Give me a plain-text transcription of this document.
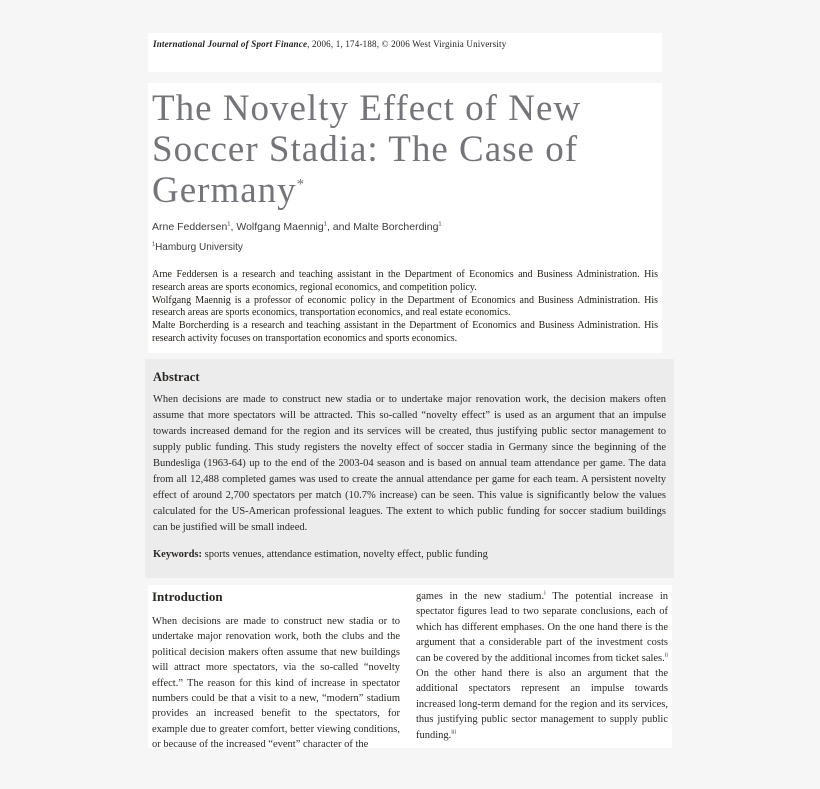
International Journal of Sport Finance, 2006, 1, 174-188, © 2006 West Virginia University
The Novelty Effect of New Soccer Stadia: The Case of Germany*
Arne Feddersen$^1$, Wolfgang Maennig$^1$, and Malte Borcherding$^1$
$^1$Hamburg University

Arne Feddersen is a research and teaching assistant in the Department of Economics and Business Administration. His research areas are sports economics, regional economics, and competition policy.

Wolfgang Maennig is a professor of economic policy in the Department of Economics and Business Administration. His research areas are sports economics, transportation economics, and real estate economics.

Malte Borcherding is a research and teaching assistant in the Department of Economics and Business Administration. His research activity focuses on transportation economics and sports economics.

Abstract

When decisions are made to construct new stadia or to undertake major renovation work, the decision makers often assume that more spectators will be attracted. This so-called “novelty effect” is used as an argument that an impulse towards increased demand for the region and its services will be created, thus justifying public sector management to supply public funding. This study registers the novelty effect of soccer stadia in Germany since the beginning of the Bundesliga (1963-64) up to the end of the 2003-04 season and is based on annual team attendance per game. The data from all 12,488 completed games was used to create the annual attendance per game for each team. A persistent novelty effect of around 2,700 spectators per match (10.7% increase) can be seen. This value is significantly below the values calculated for the US-American professional leagues. The extent to which public funding for soccer stadium buildings can be justified will be small indeed.

Keywords: sports venues, attendance estimation, novelty effect, public funding
Introduction

When decisions are made to construct new stadia or to undertake major renovation work, both the clubs and the political decision makers often assume that new buildings will attract more spectators, via the so-called “novelty effect.” The reason for this kind of increase in spectator numbers could be that a visit to a new, “modern” stadium provides an increased benefit to the spectators, for example due to greater comfort, better viewing conditions, or because of the increased “event” character of the

games in the new stadium.$^i$ The potential increase in spectator figures lead to two separate conclusions, each of which has different emphases. On the one hand there is the argument that a considerable part of the investment costs can be covered by the additional incomes from ticket sales.$^{ii}$ On the other hand there is also an argument that the additional spectators represent an impulse towards increased long-term demand for the region and its services, thus justifying public sector management to supply public funding.$^{iii}$
